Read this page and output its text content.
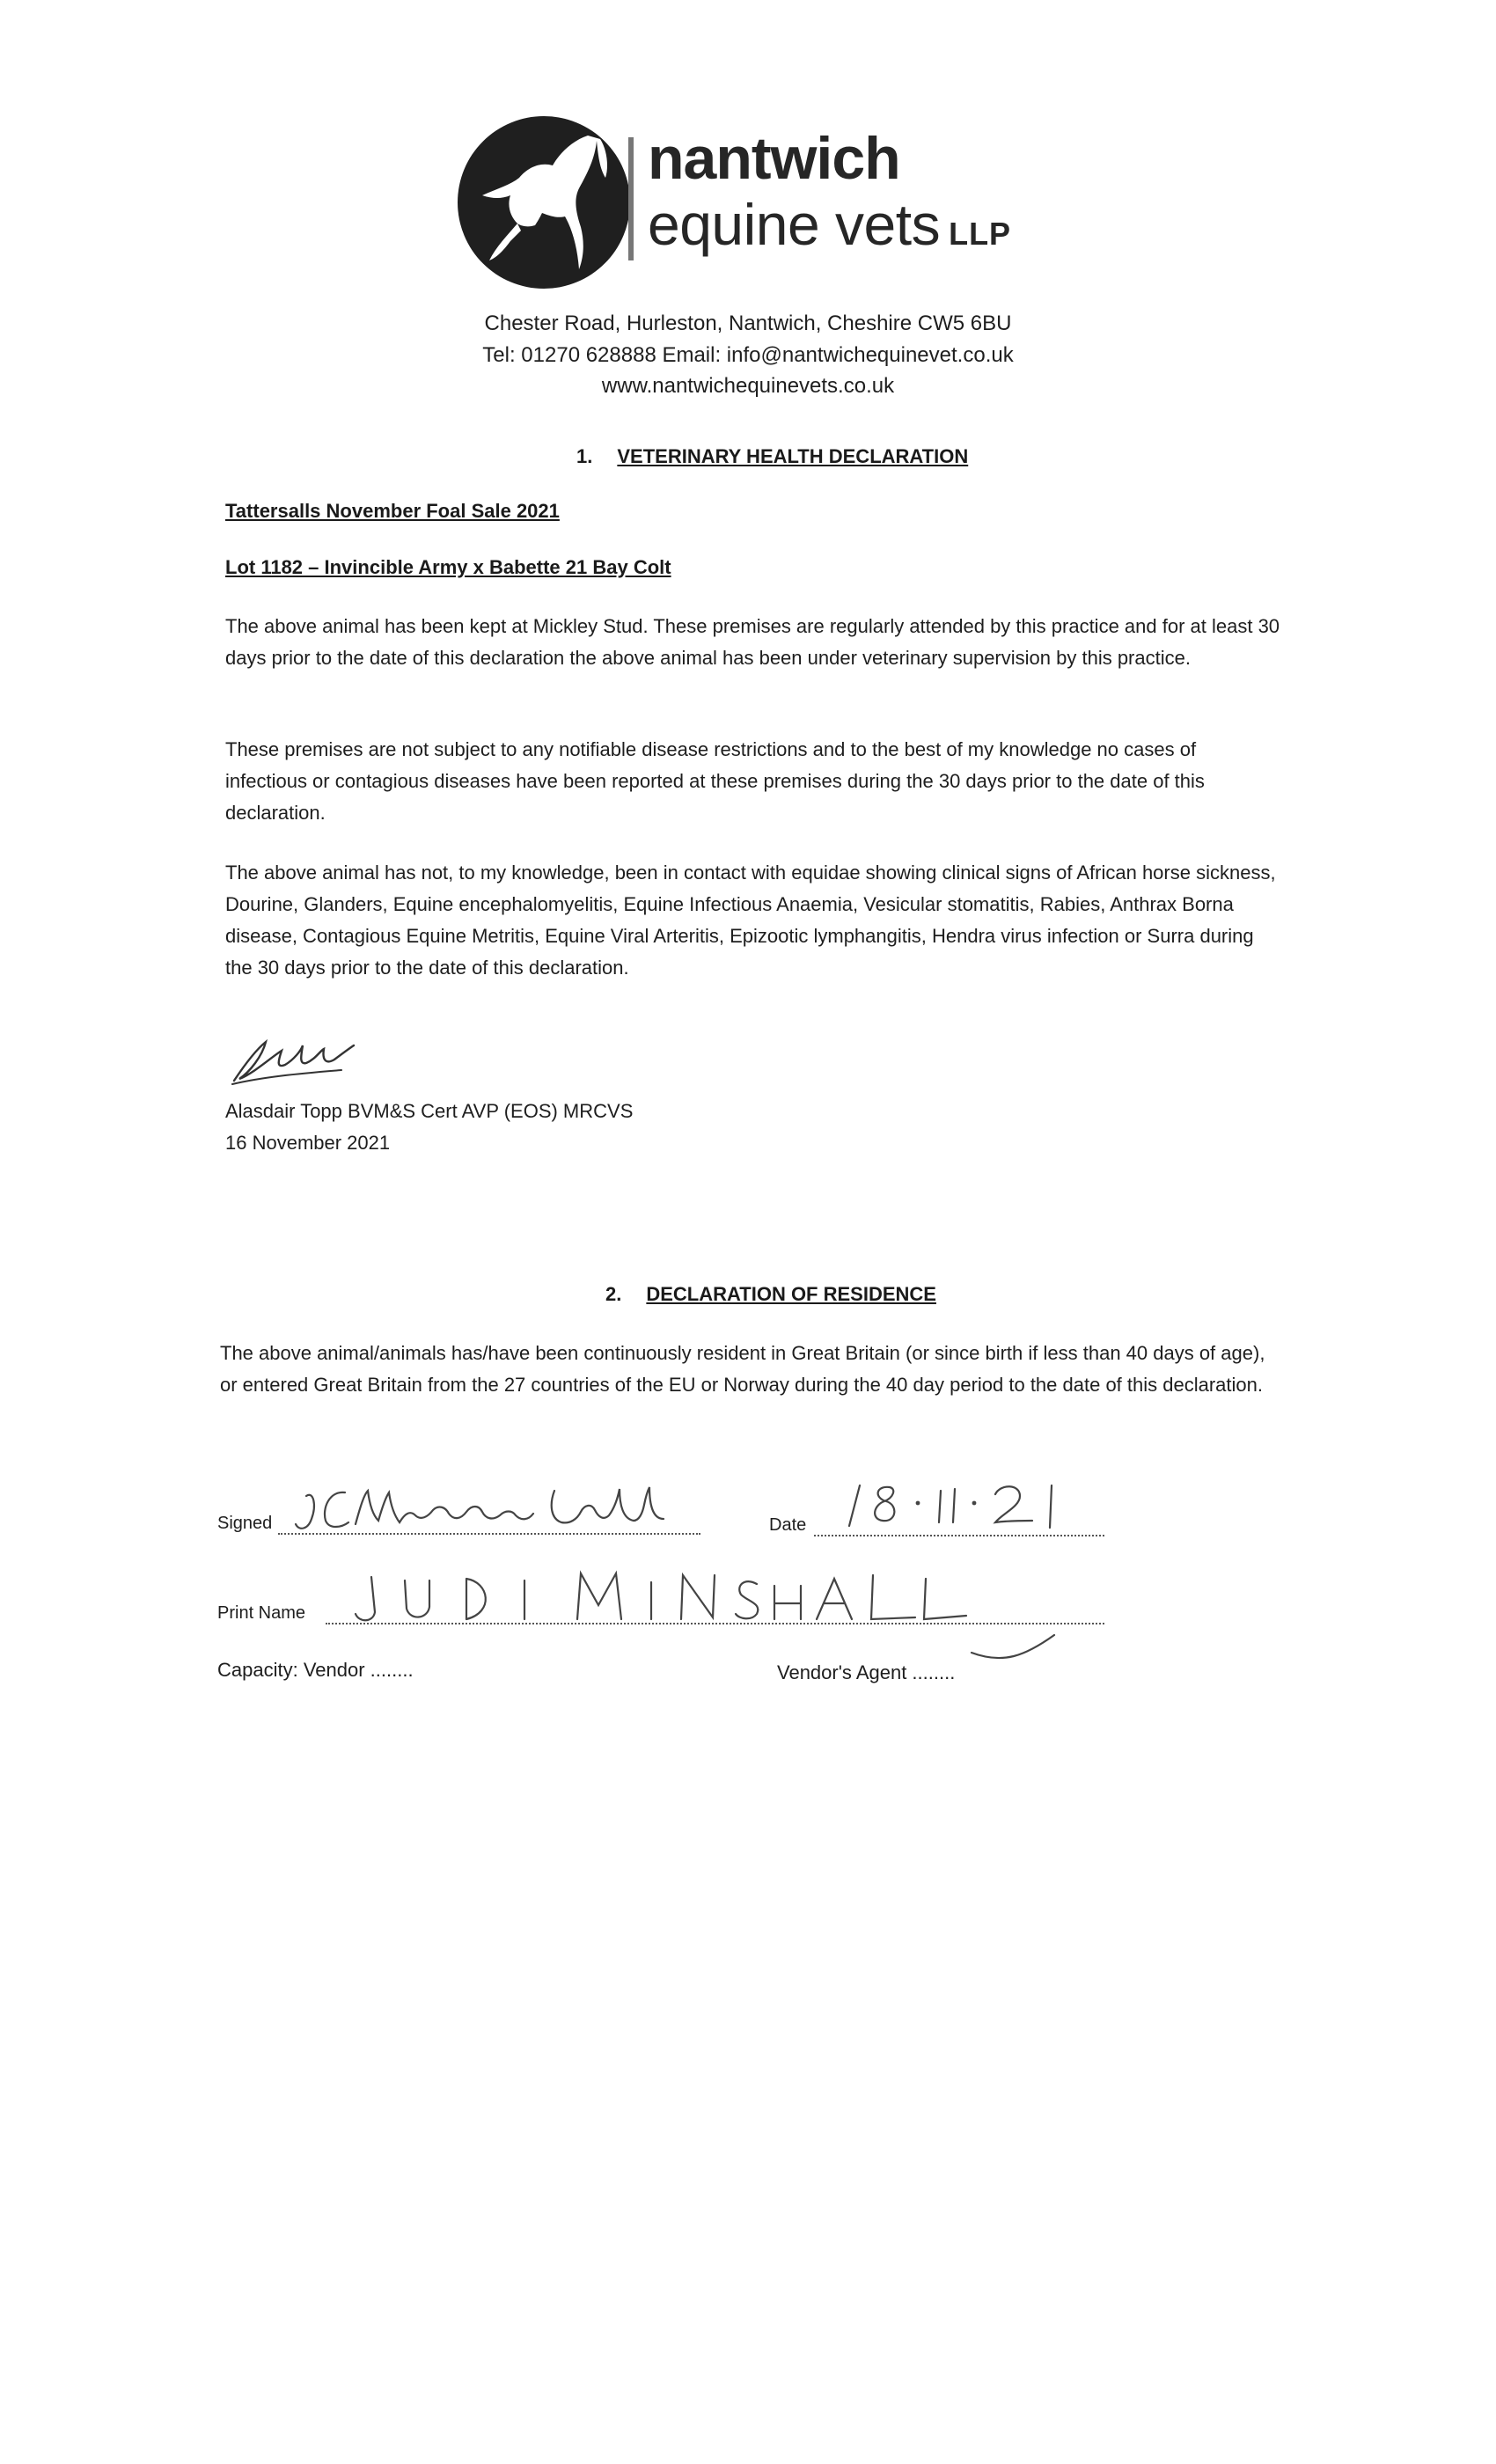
nantwich
equine vets LLP
Chester Road, Hurleston, Nantwich, Cheshire CW5 6BU
Tel: 01270 628888 Email: info@nantwichequinevet.co.uk
www.nantwichequinevets.co.uk
1. VETERINARY HEALTH DECLARATION
Tattersalls November Foal Sale 2021
Lot 1182 – Invincible Army x Babette 21 Bay Colt
The above animal has been kept at Mickley Stud. These premises are regularly attended by this practice and for at least 30 days prior to the date of this declaration the above animal has been under veterinary supervision by this practice.
These premises are not subject to any notifiable disease restrictions and to the best of my knowledge no cases of infectious or contagious diseases have been reported at these premises during the 30 days prior to the date of this declaration.
The above animal has not, to my knowledge, been in contact with equidae showing clinical signs of African horse sickness, Dourine, Glanders, Equine encephalomyelitis, Equine Infectious Anaemia, Vesicular stomatitis, Rabies, Anthrax Borna disease, Contagious Equine Metritis, Equine Viral Arteritis, Epizootic lymphangitis, Hendra virus infection or Surra during the 30 days prior to the date of this declaration.
Alasdair Topp BVM&S Cert AVP (EOS) MRCVS
16 November 2021
2. DECLARATION OF RESIDENCE
The above animal/animals has/have been continuously resident in Great Britain (or since birth if less than 40 days of age), or entered Great Britain from the 27 countries of the EU or Norway during the 40 day period to the date of this declaration.
Signed	Date
Print Name
Capacity: Vendor ........	Vendor's Agent ........
